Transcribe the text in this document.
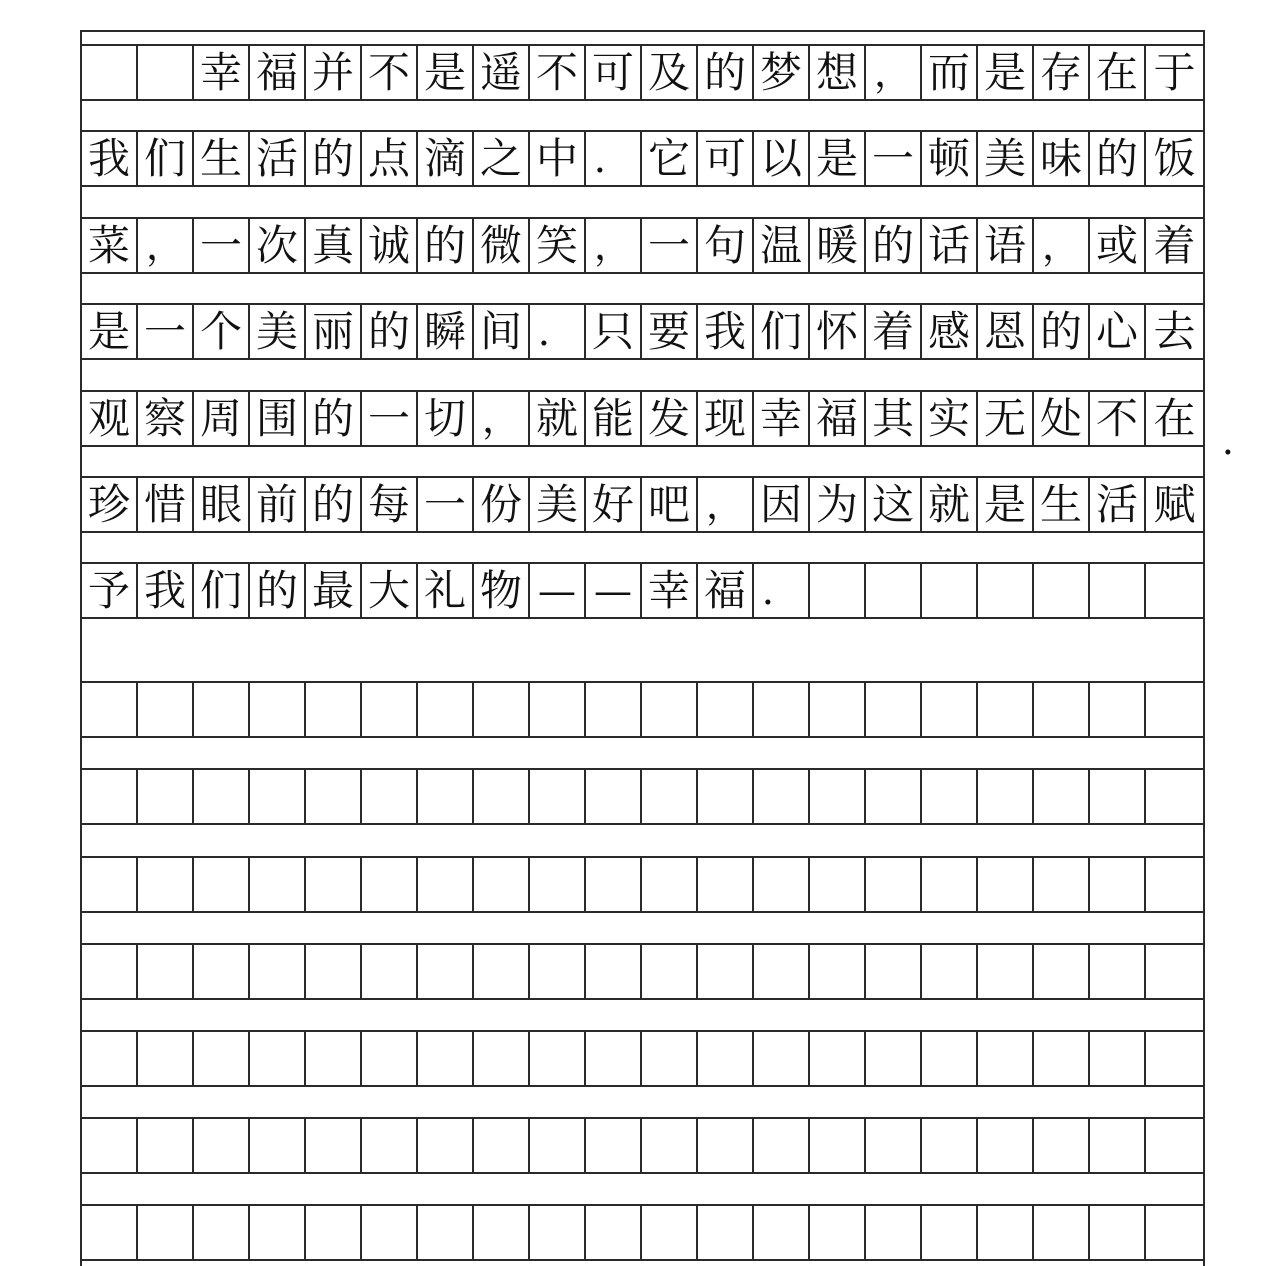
幸 福 并 不 是 遥 不 可 及 的 梦 想 ， 而 是 存 在 于
我 们 生 活 的 点 滴 之 中 ． 它 可 以 是 一 顿 美 味 的 饭
菜 ， 一 次 真 诚 的 微 笑 ， 一 句 温 暖 的 话 语 ， 或 着
是 一 个 美 丽 的 瞬 间 ． 只 要 我 们 怀 着 感 恩 的 心 去
观 察 周 围 的 一 切 ， 就 能 发 现 幸 福 其 实 无 处 不 在
珍 惜 眼 前 的 每 一 份 美 好 吧 ， 因 为 这 就 是 生 活 赋
予 我 们 的 最 大 礼 物 — — 幸 福 ．
．
